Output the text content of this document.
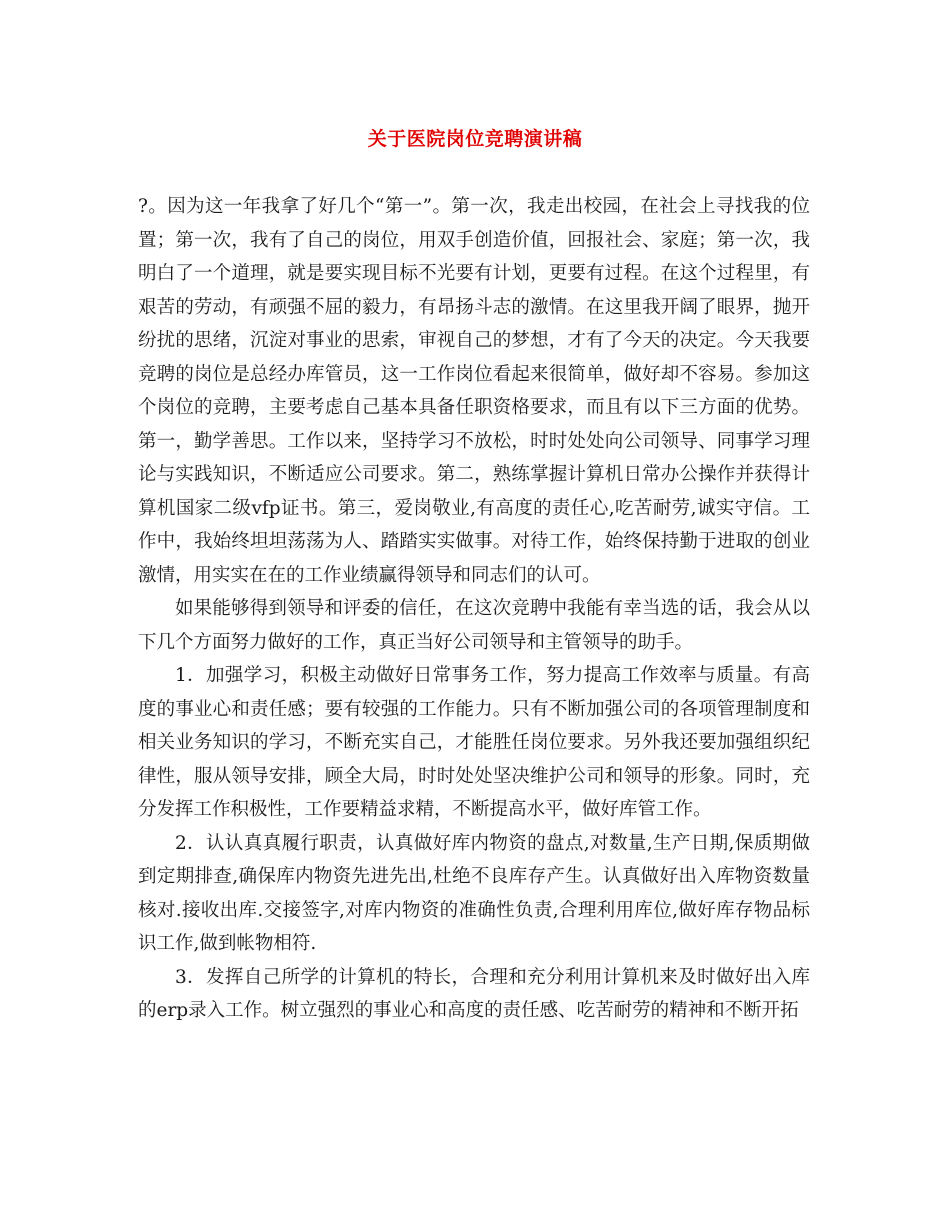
关于医院岗位竞聘演讲稿

?。因为这一年我拿了好几个“第一”。第一次，我走出校园，在社会上寻找我的位置；第一次，我有了自己的岗位，用双手创造价值，回报社会、家庭；第一次，我明白了一个道理，就是要实现目标不光要有计划，更要有过程。在这个过程里，有艰苦的劳动，有顽强不屈的毅力，有昂扬斗志的激情。在这里我开阔了眼界，抛开纷扰的思绪，沉淀对事业的思索，审视自己的梦想，才有了今天的决定。今天我要竞聘的岗位是总经办库管员，这一工作岗位看起来很简单，做好却不容易。参加这个岗位的竞聘，主要考虑自己基本具备任职资格要求，而且有以下三方面的优势。 第一，勤学善思。工作以来，坚持学习不放松，时时处处向公司领导、同事学习理论与实践知识，不断适应公司要求。第二，熟练掌握计算机日常办公操作并获得计算机国家二级vfp证书。第三，爱岗敬业,有高度的责任心,吃苦耐劳,诚实守信。工作中，我始终坦坦荡荡为人、踏踏实实做事。对待工作，始终保持勤于进取的创业激情，用实实在在的工作业绩赢得领导和同志们的认可。

如果能够得到领导和评委的信任，在这次竞聘中我能有幸当选的话，我会从以下几个方面努力做好的工作，真正当好公司领导和主管领导的助手。

1．加强学习，积极主动做好日常事务工作，努力提高工作效率与质量。有高度的事业心和责任感；要有较强的工作能力。只有不断加强公司的各项管理制度和相关业务知识的学习，不断充实自己，才能胜任岗位要求。另外我还要加强组织纪律性，服从领导安排，顾全大局，时时处处坚决维护公司和领导的形象。同时，充分发挥工作积极性，工作要精益求精，不断提高水平，做好库管工作。

2．认认真真履行职责，认真做好库内物资的盘点,对数量,生产日期,保质期做到定期排查,确保库内物资先进先出,杜绝不良库存产生。认真做好出入库物资数量核对.接收出库.交接签字,对库内物资的准确性负责,合理利用库位,做好库存物品标识工作,做到帐物相符.

3．发挥自己所学的计算机的特长，合理和充分利用计算机来及时做好出入库的erp录入工作。树立强烈的事业心和高度的责任感、吃苦耐劳的精神和不断开拓
